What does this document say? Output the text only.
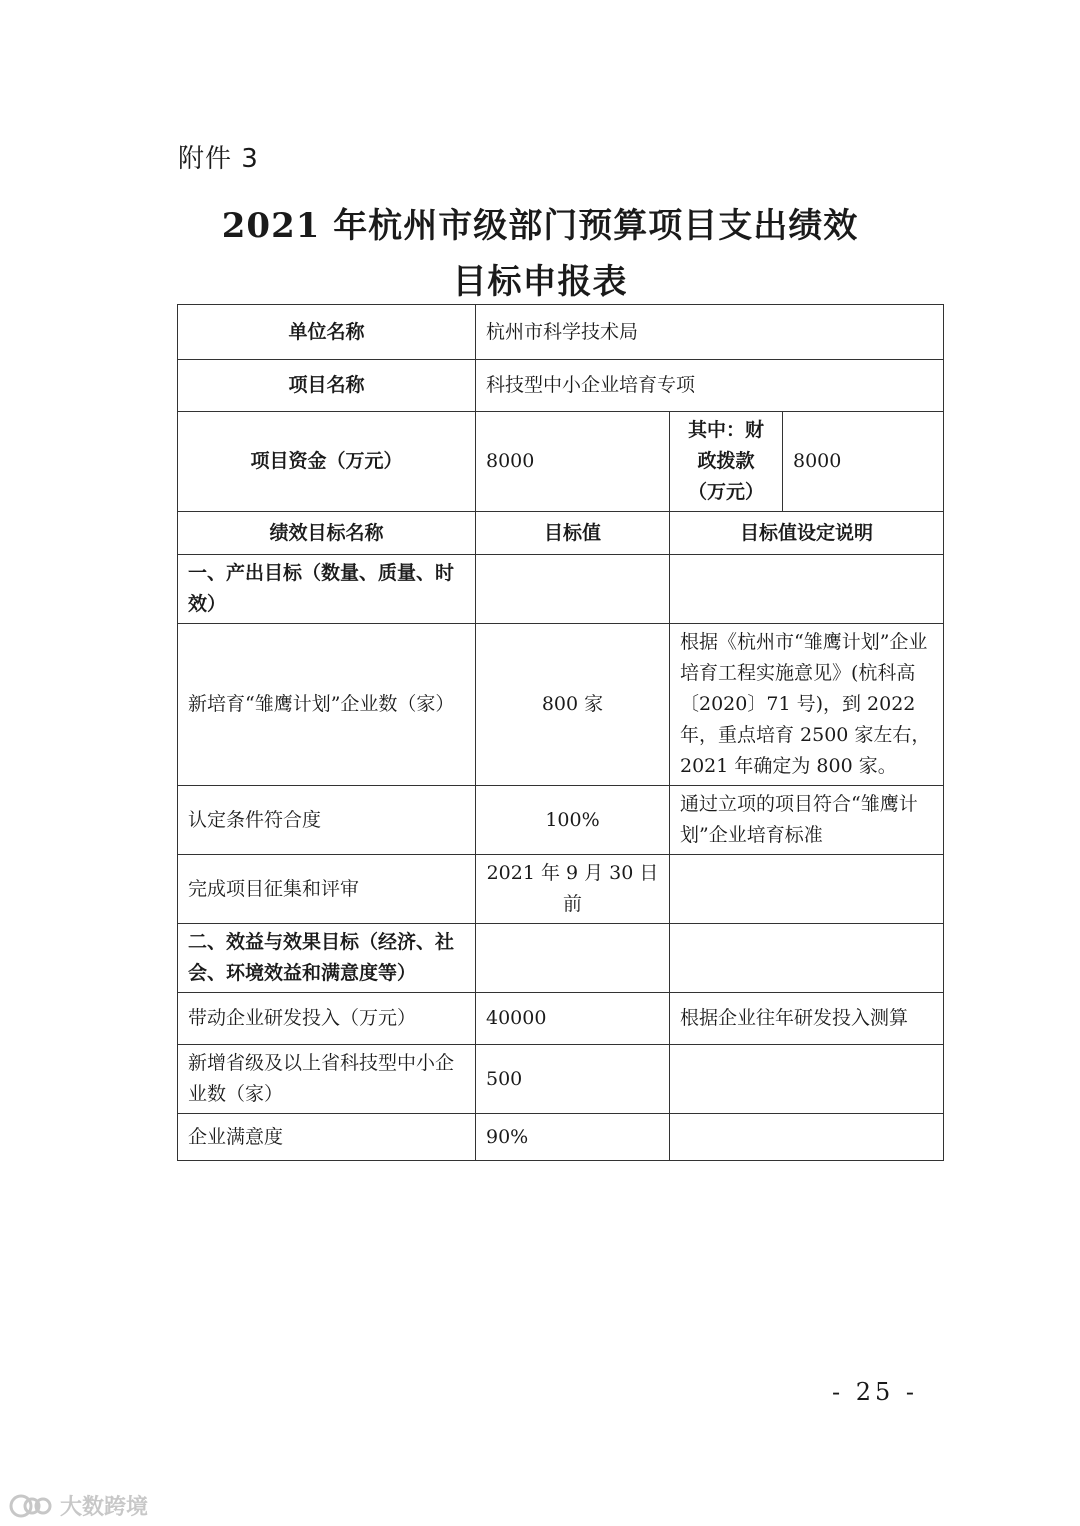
附件 3
2021 年杭州市级部门预算项目支出绩效
目标申报表
单位名称	杭州市科学技术局		
项目名称	科技型中小企业培育专项		
项目资金（万元）	8000	其中：财政拨款（万元）	8000
绩效目标名称	目标值	目标值设定说明	
一、产出目标（数量、质量、时效）			
新培育“雏鹰计划”企业数（家）	800 家	根据《杭州市“雏鹰计划”企业培育工程实施意见》(杭科高〔2020〕71 号)，到 2022 年，重点培育 2500 家左右，2021 年确定为 800 家。	
认定条件符合度	100%	通过立项的项目符合“雏鹰计划”企业培育标准	
完成项目征集和评审	2021 年 9 月 30 日前		
二、效益与效果目标（经济、社会、环境效益和满意度等）			
带动企业研发投入（万元）	40000	根据企业往年研发投入测算	
新增省级及以上省科技型中小企业数（家）	500		
企业满意度	90%		
- 25 -
大数跨境
